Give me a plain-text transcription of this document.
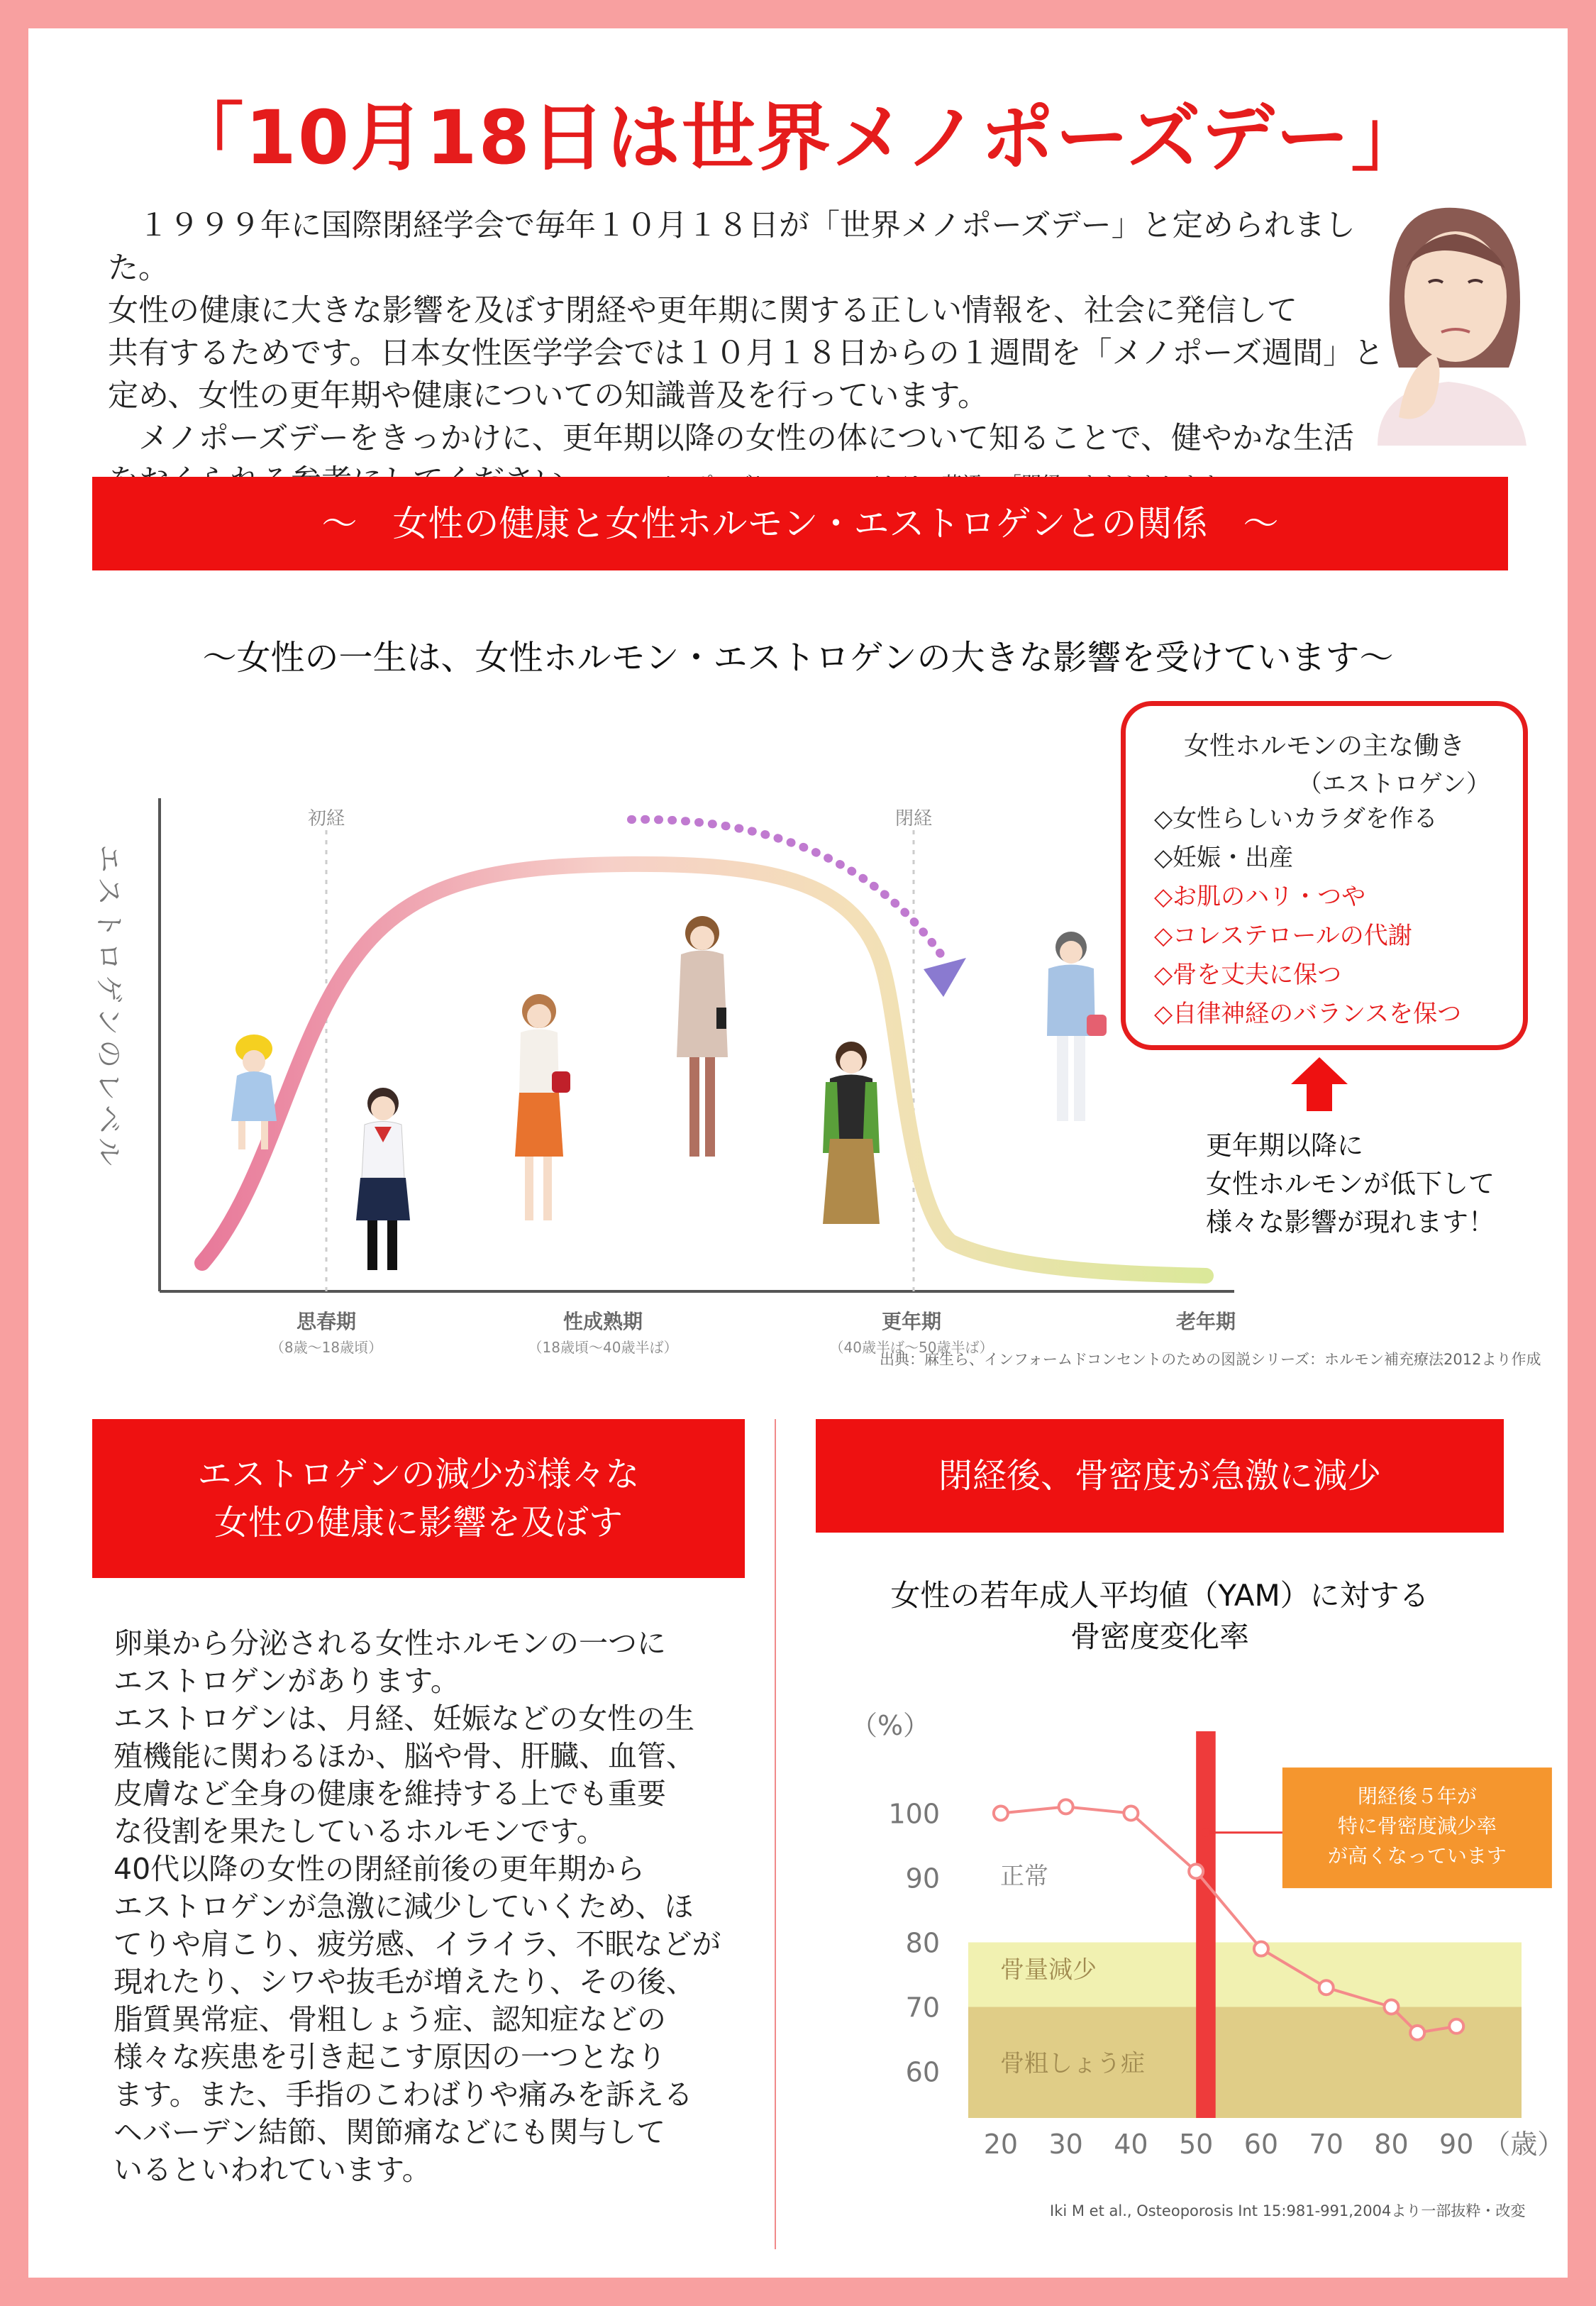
「10月18日は世界メノポーズデー」

　１９９９年に国際閉経学会で毎年１０月１８日が「世界メノポーズデー」と定められました。

女性の健康に大きな影響を及ぼす閉経や更年期に関する正しい情報を、社会に発信して

共有するためです。日本女性医学学会では１０月１８日からの１週間を「メノポーズ週間」と

定め、女性の更年期や健康についての知識普及を行っています。

　メノポーズデーをきっかけに、更年期以降の女性の体について知ることで、健やかな生活

～　女性の健康と女性ホルモン・エストロゲンとの関係　～
～女性の一生は、女性ホルモン・エストロゲンの大きな影響を受けています～
初経	閉経
エストロゲンのレベル
思春期
（8歳～18歳頃）
性成熟期
（18歳頃～40歳半ば）
更年期
（40歳半ば～50歳半ば）
老年期
女性ホルモンの主な働き
（エストロゲン）
◇女性らしいカラダを作る
◇妊娠・出産
◇お肌のハリ・つや
◇コレステロールの代謝
◇骨を丈夫に保つ
◇自律神経のバランスを保つ
更年期以降に
女性ホルモンが低下して
様々な影響が現れます！
出典：麻生ら、インフォームドコンセントのための図説シリーズ：ホルモン補充療法2012より作成
エストロゲンの減少が様々な
女性の健康に影響を及ぼす

卵巣から分泌される女性ホルモンの一つに

エストロゲンがあります。

エストロゲンは、月経、妊娠などの女性の生

殖機能に関わるほか、脳や骨、肝臓、血管、

皮膚など全身の健康を維持する上でも重要

な役割を果たしているホルモンです。

40代以降の女性の閉経前後の更年期から

エストロゲンが急激に減少していくため、ほ

てりや肩こり、疲労感、イライラ、不眠などが

現れたり、シワや抜毛が増えたり、その後、

脂質異常症、骨粗しょう症、認知症などの

様々な疾患を引き起こす原因の一つとなり

ます。また、手指のこわばりや痛みを訴える

ヘバーデン結節、関節痛などにも関与して

いるといわれています。

閉経後、骨密度が急激に減少
女性の若年成人平均値（YAM）に対する
骨密度変化率
正常
骨量減少
骨粗しょう症
100
90
80
70
60
20 30 40 50 60 70 80 90 （歳）
（%）
閉経後５年が
特に骨密度減少率
が高くなっています
Iki M et al., Osteoporosis Int 15:981-991,2004より一部抜粋・改変
